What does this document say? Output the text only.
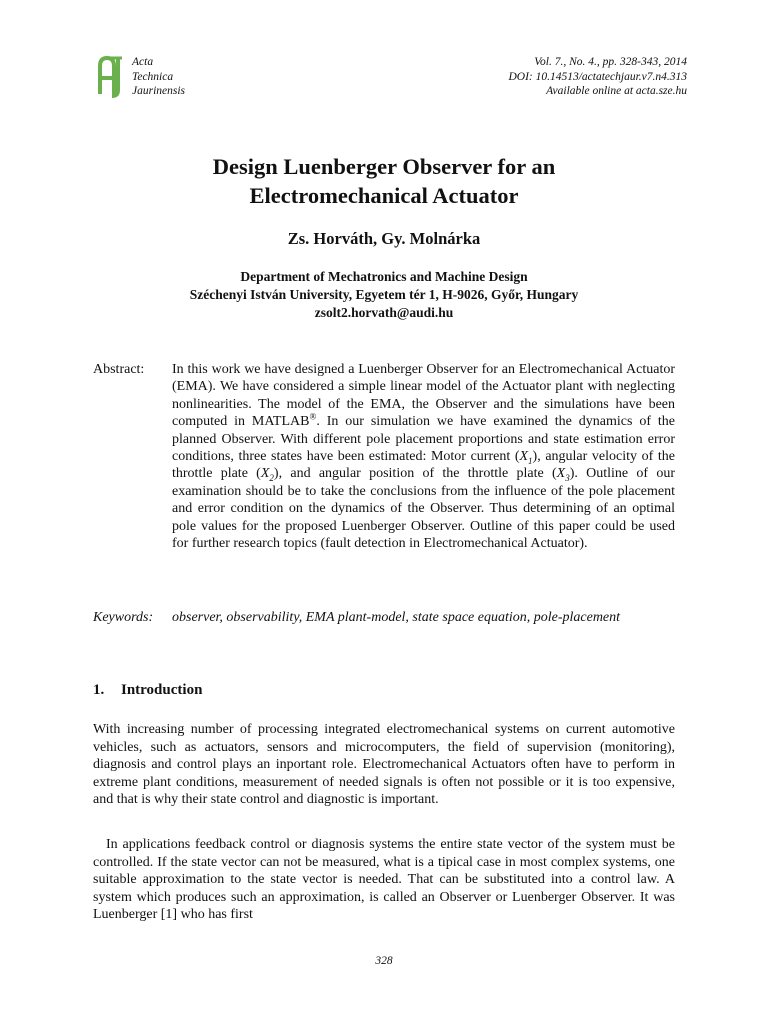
Acta
Technica
Jaurinensis
Vol. 7., No. 4., pp. 328-343, 2014
DOI: 10.14513/actatechjaur.v7.n4.313
Available online at acta.sze.hu
Design Luenberger Observer for an
Electromechanical Actuator
Zs. Horváth, Gy. Molnárka
Department of Mechatronics and Machine Design
Széchenyi István University, Egyetem tér 1, H-9026, Győr, Hungary
zsolt2.horvath@audi.hu
Abstract: In this work we have designed a Luenberger Observer for an Electromechanical Actuator (EMA). We have considered a simple linear model of the Actuator plant with neglecting nonlinearities. The model of the EMA, the Observer and the simulations have been computed in MATLAB®. In our simulation we have examined the dynamics of the planned Observer. With different pole placement proportions and state estimation error conditions, three states have been estimated: Motor current $(X_1)$, angular velocity of the throttle plate $(X_2)$, and angular position of the throttle plate $(X_3)$. Outline of our examination should be to take the conclusions from the influence of the pole placement and error condition on the dynamics of the Observer. Thus determining of an optimal pole values for the proposed Luenberger Observer. Outline of this paper could be used for further research topics (fault detection in Electromechanical Actuator).
Keywords: observer, observability, EMA plant-model, state space equation, pole-placement
1. Introduction
With increasing number of processing integrated electromechanical systems on current automotive vehicles, such as actuators, sensors and microcomputers, the field of supervision (monitoring), diagnosis and control plays an inportant role. Electromechanical Actuators often have to perform in extreme plant conditions, measurement of needed signals is often not possible or it is too expensive, and that is why their state control and diagnostic is important.
In applications feedback control or diagnosis systems the entire state vector of the system must be controlled. If the state vector can not be measured, what is a tipical case in most complex systems, one suitable approximation to the state vector is needed. That can be substituted into a control law. A system which produces such an approximation, is called an Observer or Luenberger Observer. It was Luenberger [1] who has first
328
